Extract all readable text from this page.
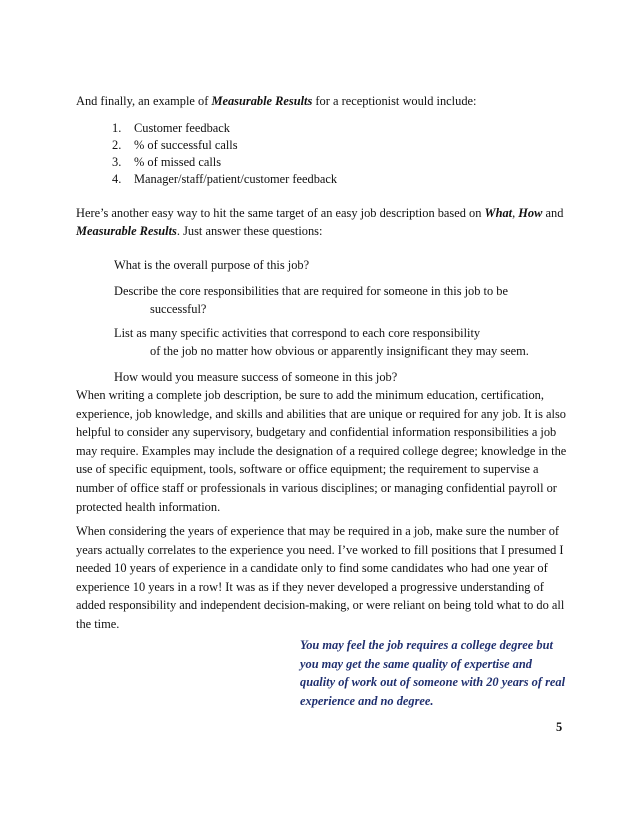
And finally, an example of Measurable Results for a receptionist would include:

1. Customer feedback
2. % of successful calls
3. % of missed calls
4. Manager/staff/patient/customer feedback

Here’s another easy way to hit the same target of an easy job description based on What, How and Measurable Results. Just answer these questions:

What is the overall purpose of this job?
Describe the core responsibilities that are required for someone in this job to be
successful?
List as many specific activities that correspond to each core responsibility
of the job no matter how obvious or apparently insignificant they may seem.
How would you measure success of someone in this job?

When writing a complete job description, be sure to add the minimum education, certification, experience, job knowledge, and skills and abilities that are unique or required for any job. It is also helpful to consider any supervisory, budgetary and confidential information responsibilities a job may require. Examples may include the designation of a required college degree; knowledge in the use of specific equipment, tools, software or office equipment; the requirement to supervise a number of office staff or professionals in various disciplines; or managing confidential payroll or protected health information.

When considering the years of experience that may be required in a job, make sure the number of years actually correlates to the experience you need. I’ve worked to fill positions that I presumed I needed 10 years of experience in a candidate only to find some candidates who had one year of experience 10 years in a row! It was as if they never developed a progressive understanding of added responsibility and independent decision-making, or were reliant on being told what to do all the time.

You may feel the job requires a college degree but you may get the same quality of expertise and quality of work out of someone with 20 years of real experience and no degree.

5
